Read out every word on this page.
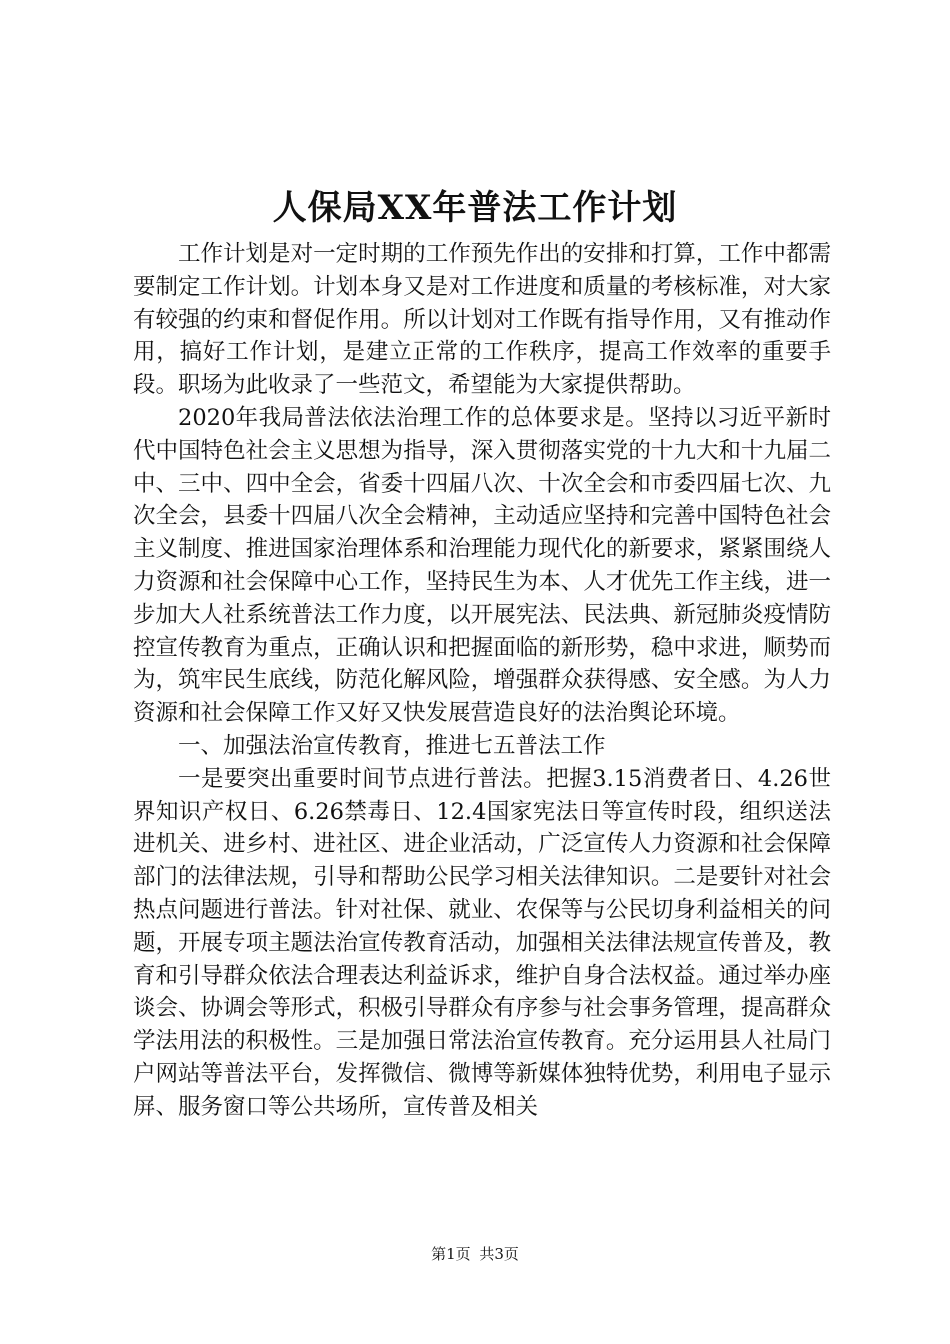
人保局XX年普法工作计划

工作计划是对一定时期的工作预先作出的安排和打算，工作中都需要制定工作计划。计划本身又是对工作进度和质量的考核标准，对大家有较强的约束和督促作用。所以计划对工作既有指导作用，又有推动作用，搞好工作计划，是建立正常的工作秩序，提高工作效率的重要手段。职场为此收录了一些范文，希望能为大家提供帮助。

2020年我局普法依法治理工作的总体要求是。坚持以习近平新时代中国特色社会主义思想为指导，深入贯彻落实党的十九大和十九届二中、三中、四中全会，省委十四届八次、十次全会和市委四届七次、九次全会，县委十四届八次全会精神，主动适应坚持和完善中国特色社会主义制度、推进国家治理体系和治理能力现代化的新要求，紧紧围绕人力资源和社会保障中心工作，坚持民生为本、人才优先工作主线，进一步加大人社系统普法工作力度，以开展宪法、民法典、新冠肺炎疫情防控宣传教育为重点，正确认识和把握面临的新形势，稳中求进，顺势而为，筑牢民生底线，防范化解风险，增强群众获得感、安全感。为人力资源和社会保障工作又好又快发展营造良好的法治舆论环境。

一、加强法治宣传教育，推进七五普法工作

一是要突出重要时间节点进行普法。把握3.15消费者日、4.26世界知识产权日、6.26禁毒日、12.4国家宪法日等宣传时段，组织送法进机关、进乡村、进社区、进企业活动，广泛宣传人力资源和社会保障部门的法律法规，引导和帮助公民学习相关法律知识。二是要针对社会热点问题进行普法。针对社保、就业、农保等与公民切身利益相关的问题，开展专项主题法治宣传教育活动，加强相关法律法规宣传普及，教育和引导群众依法合理表达利益诉求，维护自身合法权益。通过举办座谈会、协调会等形式，积极引导群众有序参与社会事务管理，提高群众学法用法的积极性。三是加强日常法治宣传教育。充分运用县人社局门户网站等普法平台，发挥微信、微博等新媒体独特优势，利用电子显示屏、服务窗口等公共场所，宣传普及相关

第1页 共3页
